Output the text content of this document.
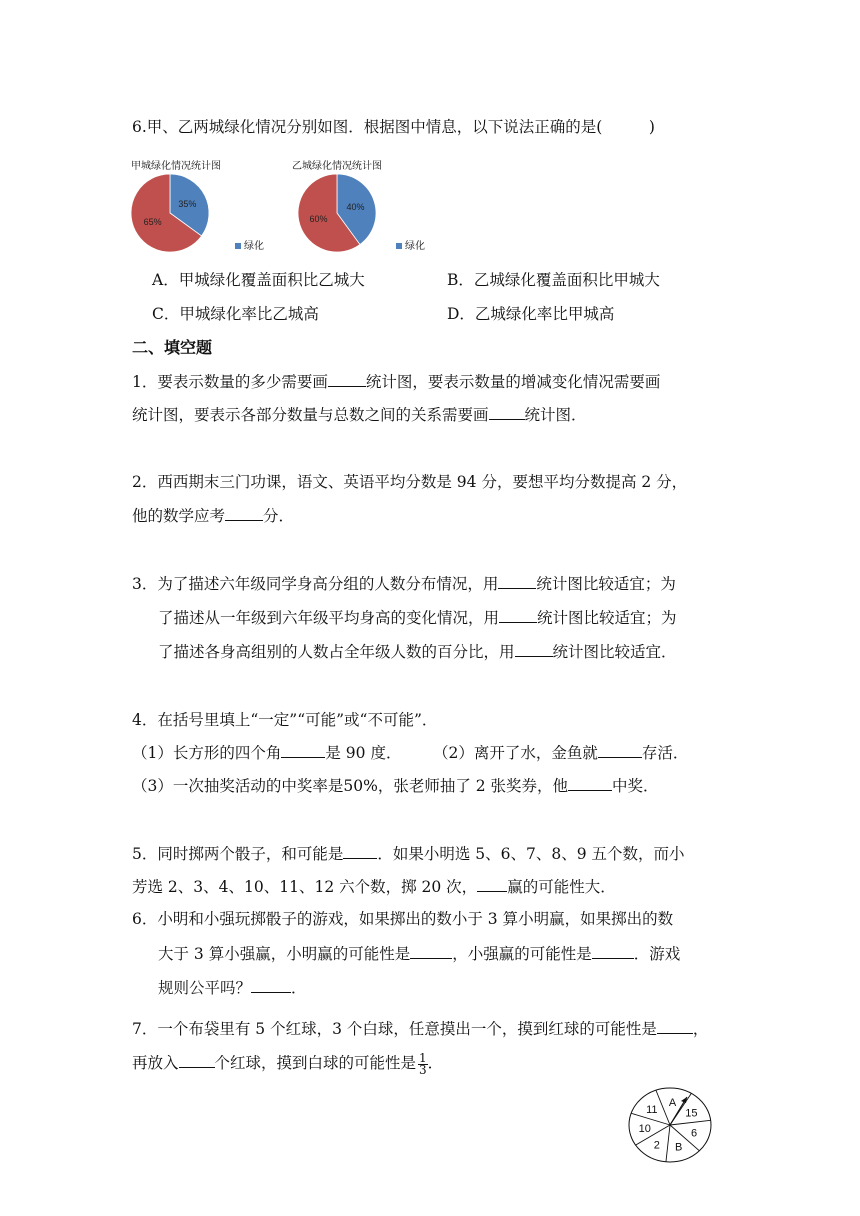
6.甲、乙两城绿化情况分别如图．根据图中情息，以下说法正确的是(　　　)
甲城绿化情况统计图
35%
65%
绿化
乙城绿化情况统计图
40%
60%
绿化
A．甲城绿化覆盖面积比乙城大	B．乙城绿化覆盖面积比甲城大
C．甲城绿化率比乙城高	D．乙城绿化率比甲城高
二、填空题
1．要表示数量的多少需要画 统计图，要表示数量的增减变化情况需要画
统计图，要表示各部分数量与总数之间的关系需要画 统计图．
2．西西期末三门功课，语文、英语平均分数是 94 分，要想平均分数提高 2 分，
他的数学应考 分．
3．为了描述六年级同学身高分组的人数分布情况，用 统计图比较适宜；为
了描述从一年级到六年级平均身高的变化情况，用 统计图比较适宜；为
了描述各身高组别的人数占全年级人数的百分比，用 统计图比较适宜．
4．在括号里填上“一定”“可能”或“不可能”．
（1）长方形的四个角	是 90 度． （2）离开了水，金鱼就	存活．
（3）一次抽奖活动的中奖率是50%，张老师抽了 2 张奖券，他	中奖．
5．同时掷两个骰子，和可能是 ．如果小明选 5、6、7、8、9 五个数，而小
芳选 2、3、4、10、11、12 六个数，掷 20 次， 赢的可能性大．
6．小明和小强玩掷骰子的游戏，如果掷出的数小于 3 算小明赢，如果掷出的数
大于 3 算小强赢，小明赢的可能性是	，小强赢的可能性是	．游戏
规则公平吗？	．
7．一个布袋里有 5 个红球，3 个白球，任意摸出一个，摸到红球的可能性是 ，
再放入 个红球，摸到白球的可能性是 $\frac{1}{3}$ ．
A
15
6
B
2
10
11
